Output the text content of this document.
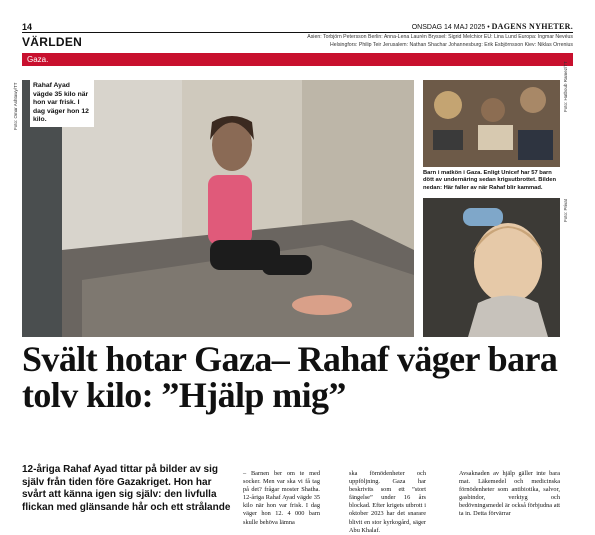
14	ONSDAG 14 MAJ 2025 • DAGENS NYHETER.
VÄRLDEN	Asien: Torbjörn Petersson Berlin: Anna-Lena Laurén Bryssel: Sigrid Melchior EU: Lina Lund Europa: Ingmar Nevéus
Helsingfors: Philip Teir Jerusalem: Nathan Shachar Johannesburg: Erik Esbjörnsson Kiev: Niklas Orrenius
Gaza.
Foto: Omar Ashtawy/TT	Rahaf Ayad vägde 35 kilo när hon var frisk. I dag väger hon 12 kilo.
Foto: Hatboub Ramez/TT
Barn i matkön i Gaza. Enligt Unicef har 57 barn dött av undernäring sedan krigsutbrottet. Bilden nedan: Här faller av när Rahaf blir kammad.
Foto: Privat
Svält hotar Gaza– Rahaf väger bara tolv kilo: ”Hjälp mig”
12-åriga Rahaf Ayad tittar på bilder av sig själv från tiden före Gazakriget. Hon har svårt att känna igen sig själv: den livfulla flickan med glänsande hår och ett strålande
– Barnen ber om te med socker. Men var ska vi få tag på det? frågar moster Shatha. 12-åriga Rahaf Ayad vägde 35 kilo när hon var frisk. I dag väger hon 12. 4 000 barn skulle behöva lämna
ska förnödenheter och uppföljning. Gaza har beskrivits som ett ”stort fängelse” under 16 års blockad. Efter krigets utbrott i oktober 2023 har det snarare blivit en stor kyrkogård, säger Abu Khalaf.
Avsaknaden av hjälp gäller inte bara mat. Läkemedel och medicinska förnödenheter som antibiotika, salvor, gasbindor, verktyg och bedövningsmedel är också förbjudna att ta in. Detta förvärrar
